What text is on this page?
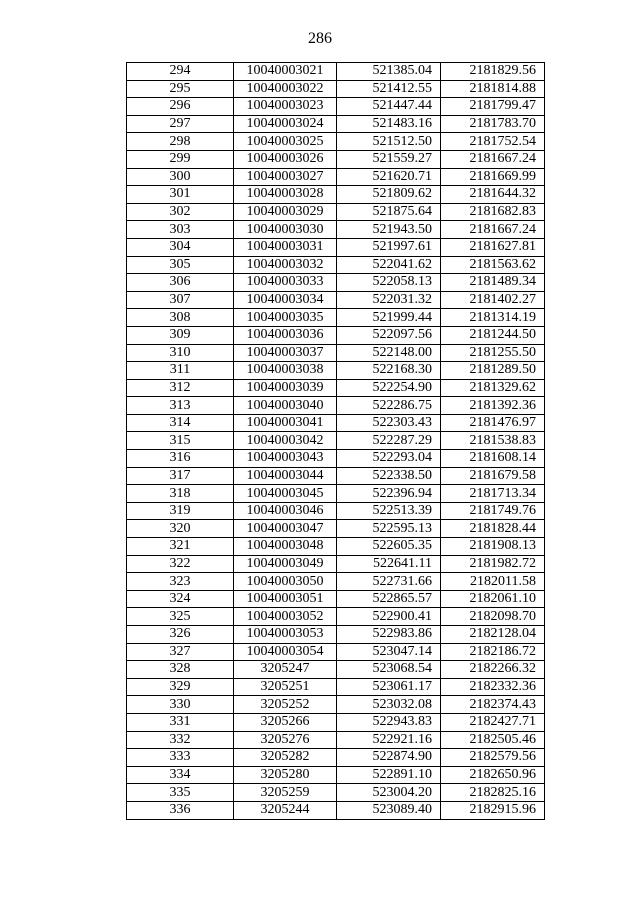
286
294	10040003021	521385.04	2181829.56
295	10040003022	521412.55	2181814.88
296	10040003023	521447.44	2181799.47
297	10040003024	521483.16	2181783.70
298	10040003025	521512.50	2181752.54
299	10040003026	521559.27	2181667.24
300	10040003027	521620.71	2181669.99
301	10040003028	521809.62	2181644.32
302	10040003029	521875.64	2181682.83
303	10040003030	521943.50	2181667.24
304	10040003031	521997.61	2181627.81
305	10040003032	522041.62	2181563.62
306	10040003033	522058.13	2181489.34
307	10040003034	522031.32	2181402.27
308	10040003035	521999.44	2181314.19
309	10040003036	522097.56	2181244.50
310	10040003037	522148.00	2181255.50
311	10040003038	522168.30	2181289.50
312	10040003039	522254.90	2181329.62
313	10040003040	522286.75	2181392.36
314	10040003041	522303.43	2181476.97
315	10040003042	522287.29	2181538.83
316	10040003043	522293.04	2181608.14
317	10040003044	522338.50	2181679.58
318	10040003045	522396.94	2181713.34
319	10040003046	522513.39	2181749.76
320	10040003047	522595.13	2181828.44
321	10040003048	522605.35	2181908.13
322	10040003049	522641.11	2181982.72
323	10040003050	522731.66	2182011.58
324	10040003051	522865.57	2182061.10
325	10040003052	522900.41	2182098.70
326	10040003053	522983.86	2182128.04
327	10040003054	523047.14	2182186.72
328	3205247	523068.54	2182266.32
329	3205251	523061.17	2182332.36
330	3205252	523032.08	2182374.43
331	3205266	522943.83	2182427.71
332	3205276	522921.16	2182505.46
333	3205282	522874.90	2182579.56
334	3205280	522891.10	2182650.96
335	3205259	523004.20	2182825.16
336	3205244	523089.40	2182915.96
